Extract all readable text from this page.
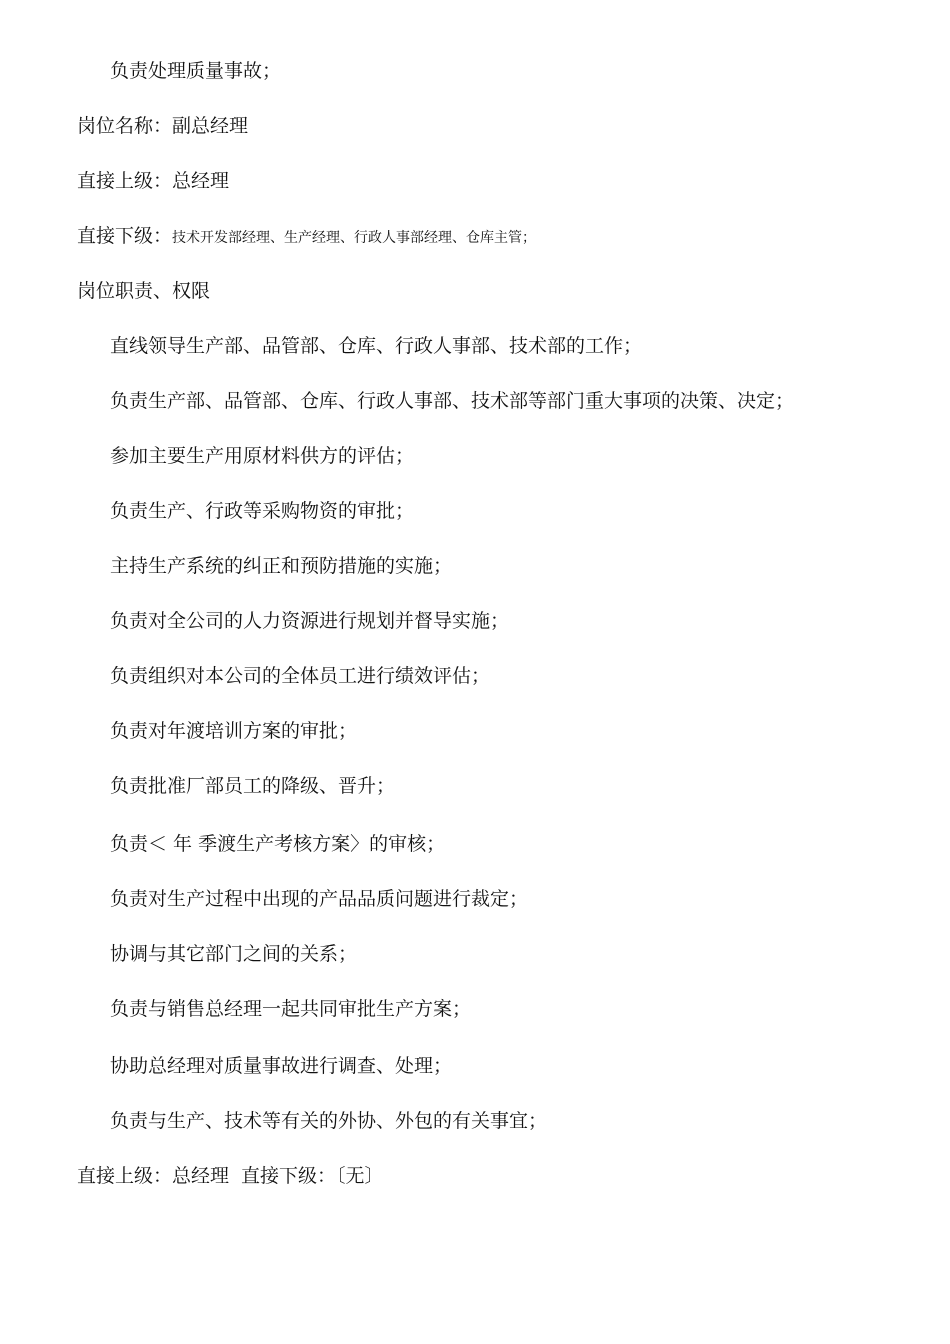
负责处理质量事故；
岗位名称：副总经理
直接上级：总经理
直接下级：技术开发部经理、生产经理、行政人事部经理、仓库主管；
岗位职责、权限
直线领导生产部、品管部、仓库、行政人事部、技术部的工作；
负责生产部、品管部、仓库、行政人事部、技术部等部门重大事项的决策、决定；
参加主要生产用原材料供方的评估；
负责生产、行政等采购物资的审批；
主持生产系统的纠正和预防措施的实施；
负责对全公司的人力资源进行规划并督导实施；
负责组织对本公司的全体员工进行绩效评估；
负责对年渡培训方案的审批；
负责批准厂部员工的降级、晋升；
负责＜ 年 季渡生产考核方案〉的审核；
负责对生产过程中出现的产品品质问题进行裁定；
协调与其它部门之间的关系；
负责与销售总经理一起共同审批生产方案；
协助总经理对质量事故进行调查、处理；
负责与生产、技术等有关的外协、外包的有关事宜；
直接上级：总经理 直接下级：〔无〕
